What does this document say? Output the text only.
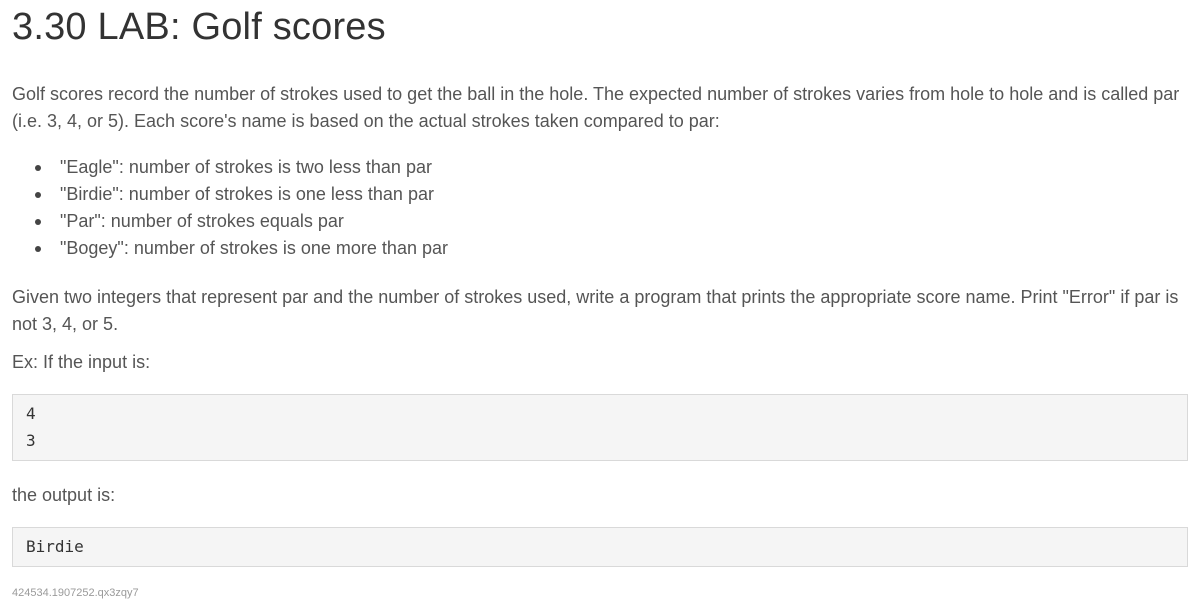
3.30 LAB: Golf scores

Golf scores record the number of strokes used to get the ball in the hole. The expected number of strokes varies from hole to hole and is called par (i.e. 3, 4, or 5). Each score's name is based on the actual strokes taken compared to par:

"Eagle": number of strokes is two less than par
"Birdie": number of strokes is one less than par
"Par": number of strokes equals par
"Bogey": number of strokes is one more than par

Given two integers that represent par and the number of strokes used, write a program that prints the appropriate score name. Print "Error" if par is not 3, 4, or 5.

Ex: If the input is:

4
3

the output is:

Birdie
424534.1907252.qx3zqy7
